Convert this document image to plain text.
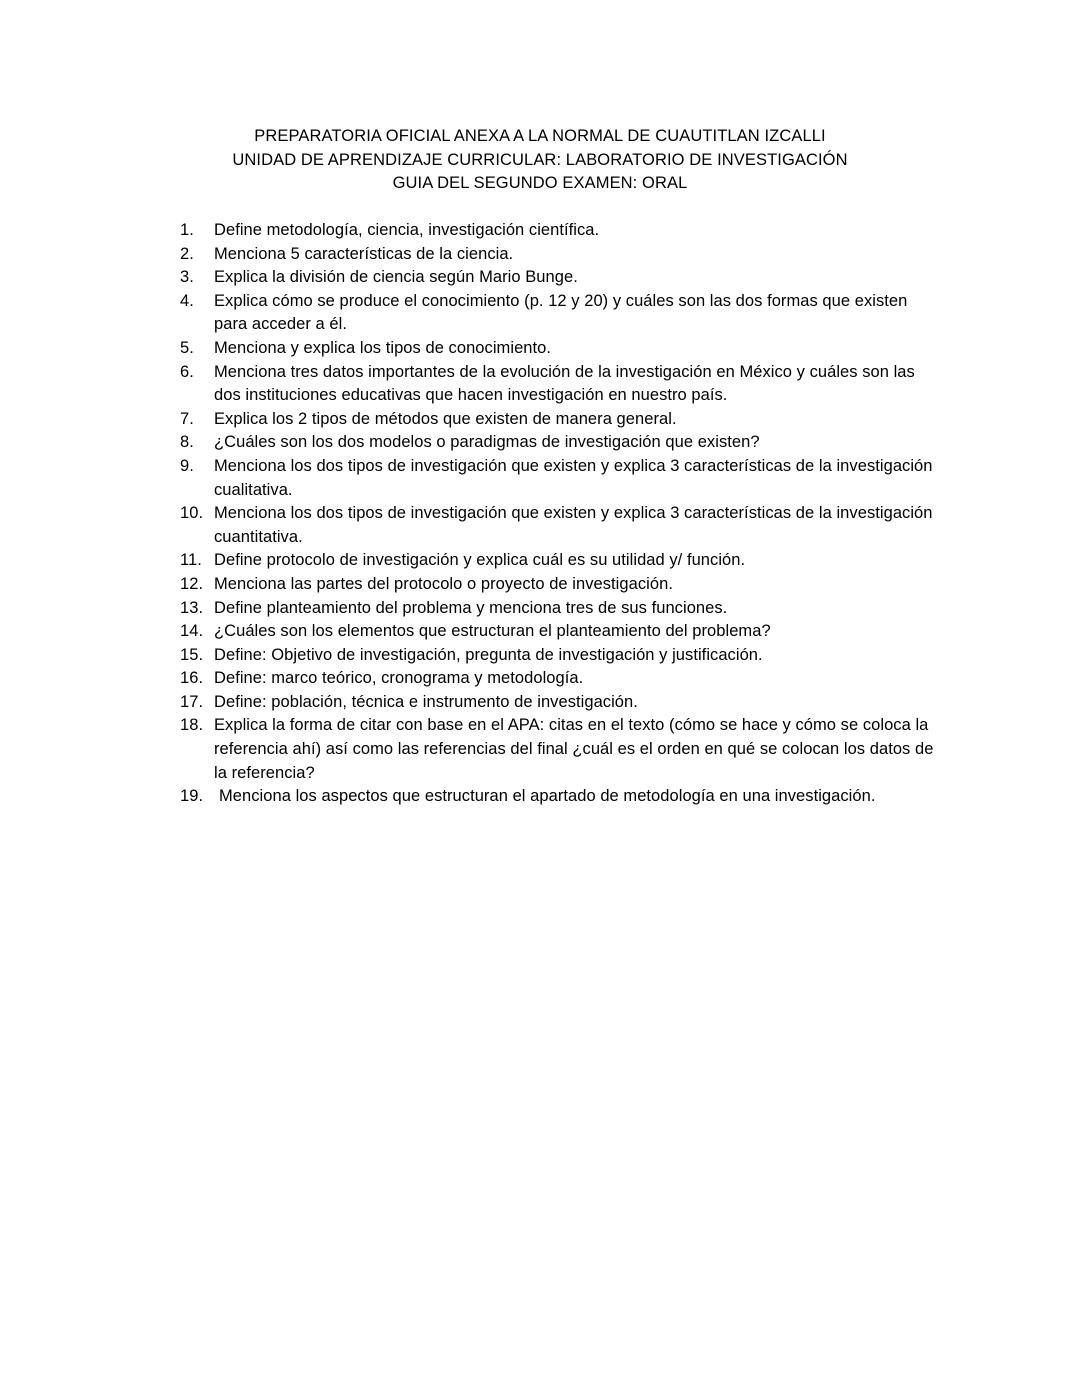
PREPARATORIA OFICIAL ANEXA A LA NORMAL DE CUAUTITLAN IZCALLI
UNIDAD DE APRENDIZAJE CURRICULAR: LABORATORIO DE INVESTIGACIÓN
GUIA DEL SEGUNDO EXAMEN: ORAL
1.	Define metodología, ciencia, investigación científica.
2.	Menciona 5 características de la ciencia.
3.	Explica la división de ciencia según Mario Bunge.
4.	Explica cómo se produce el conocimiento (p. 12 y 20) y cuáles son las dos formas que existen para acceder a él.
5.	Menciona y explica los tipos de conocimiento.
6.	Menciona tres datos importantes de la evolución de la investigación en México y cuáles son las dos instituciones educativas que hacen investigación en nuestro país.
7.	Explica los 2 tipos de métodos que existen de manera general.
8.	¿Cuáles son los dos modelos o paradigmas de investigación que existen?
9.	Menciona los dos tipos de investigación que existen y explica 3 características de la investigación cualitativa.
10. Menciona los dos tipos de investigación que existen y explica 3 características de la investigación cuantitativa.
11. Define protocolo de investigación y explica cuál es su utilidad y/ función.
12. Menciona las partes del protocolo o proyecto de investigación.
13. Define planteamiento del problema y menciona tres de sus funciones.
14. ¿Cuáles son los elementos que estructuran el planteamiento del problema?
15. Define: Objetivo de investigación, pregunta de investigación y justificación.
16. Define: marco teórico, cronograma y metodología.
17. Define: población, técnica e instrumento de investigación.
18. Explica la forma de citar con base en el APA: citas en el texto (cómo se hace y cómo se coloca la referencia ahí) así como las referencias del final ¿cuál es el orden en qué se colocan los datos de la referencia?
19. Menciona los aspectos que estructuran el apartado de metodología en una investigación.
